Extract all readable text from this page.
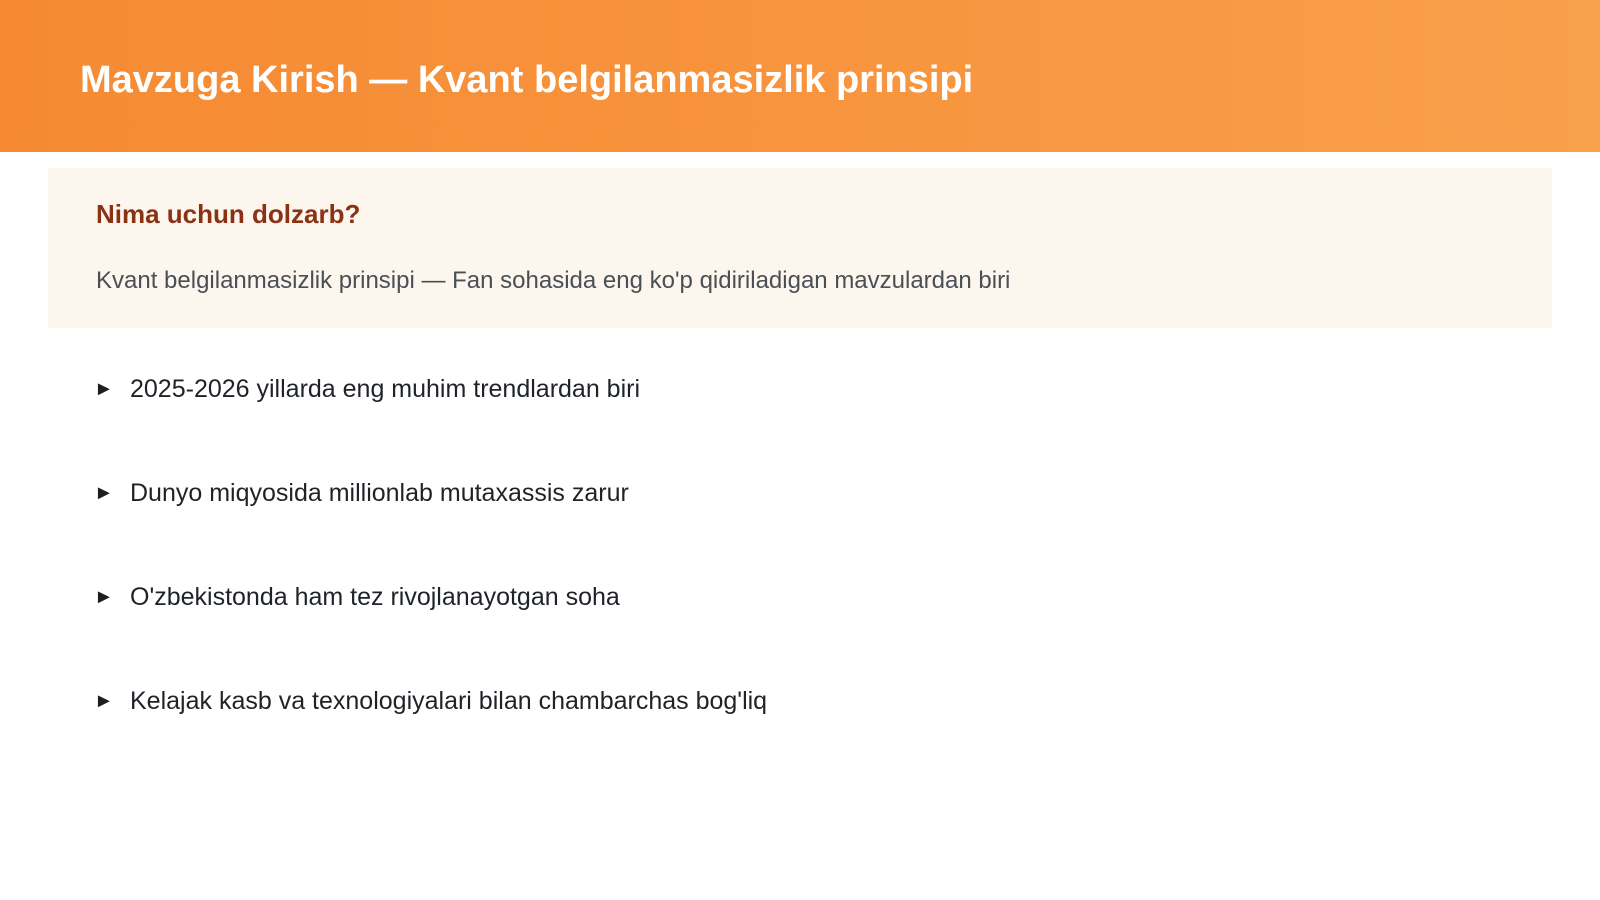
Mavzuga Kirish — Kvant belgilanmasizlik prinsipi
Nima uchun dolzarb?

Kvant belgilanmasizlik prinsipi — Fan sohasida eng ko'p qidiriladigan mavzulardan biri

► 2025-2026 yillarda eng muhim trendlardan biri
► Dunyo miqyosida millionlab mutaxassis zarur
► O'zbekistonda ham tez rivojlanayotgan soha
► Kelajak kasb va texnologiyalari bilan chambarchas bog'liq
